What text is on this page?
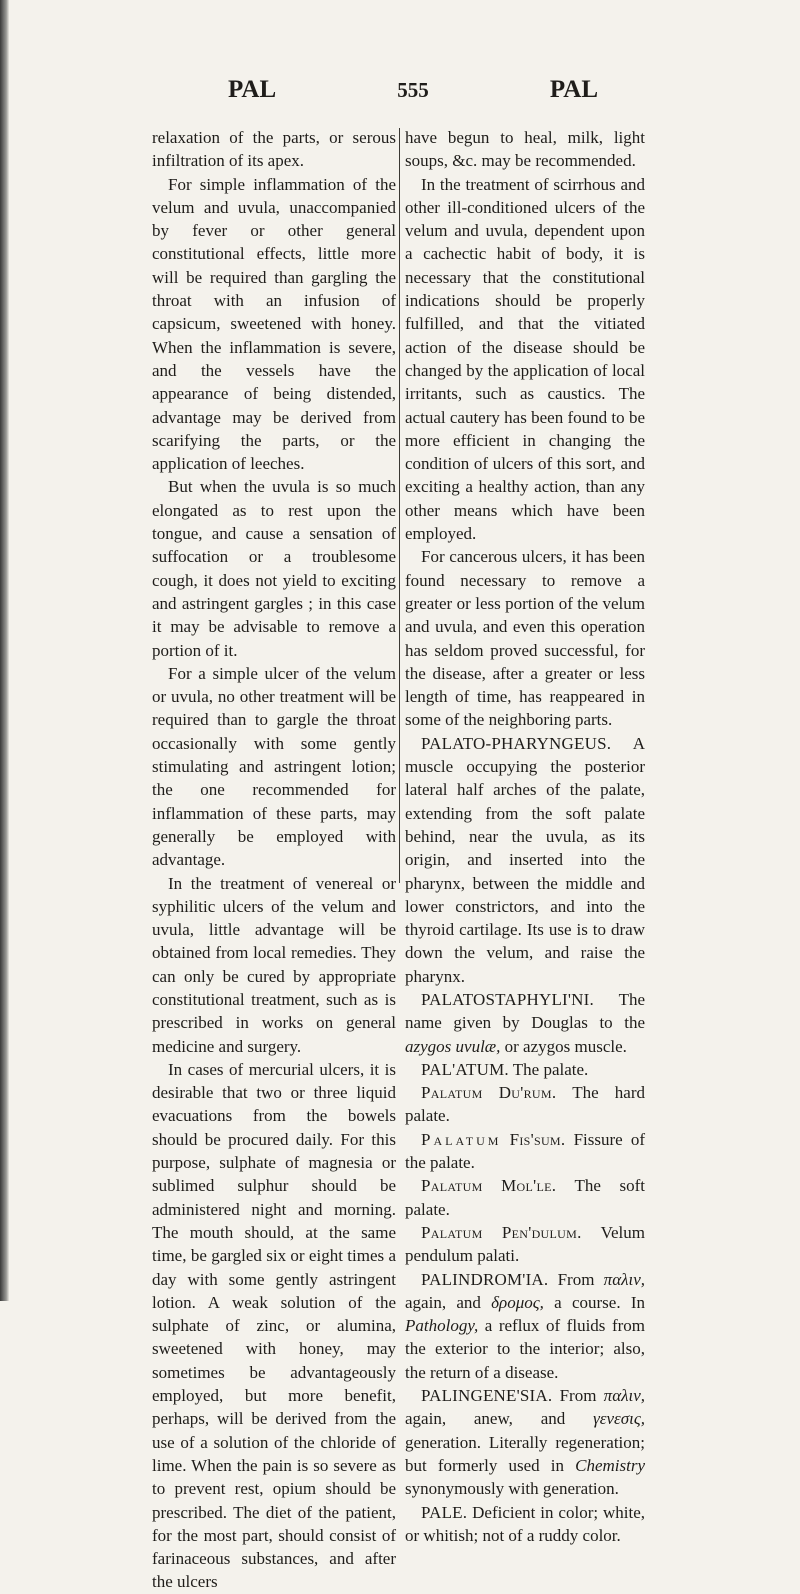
PAL	555	PAL

relaxation of the parts, or serous infiltration of its apex.

For simple inflammation of the velum and uvula, unaccompanied by fever or other general constitutional effects, little more will be required than gargling the throat with an infusion of capsicum, sweetened with honey. When the inflammation is severe, and the vessels have the appearance of being distended, advantage may be derived from scarifying the parts, or the application of leeches.

But when the uvula is so much elongated as to rest upon the tongue, and cause a sensation of suffocation or a troublesome cough, it does not yield to exciting and astringent gargles ; in this case it may be advisable to remove a portion of it.

For a simple ulcer of the velum or uvula, no other treatment will be required than to gargle the throat occasionally with some gently stimulating and astringent lotion; the one recommended for inflammation of these parts, may generally be employed with advantage.

In the treatment of venereal or syphilitic ulcers of the velum and uvula, little advantage will be obtained from local remedies. They can only be cured by appropriate constitutional treatment, such as is prescribed in works on general medicine and surgery.

In cases of mercurial ulcers, it is desirable that two or three liquid evacuations from the bowels should be procured daily. For this purpose, sulphate of magnesia or sublimed sulphur should be administered night and morning. The mouth should, at the same time, be gargled six or eight times a day with some gently astringent lotion. A weak solution of the sulphate of zinc, or alumina, sweetened with honey, may sometimes be advantageously employed, but more benefit, perhaps, will be derived from the use of a solution of the chloride of lime. When the pain is so severe as to prevent rest, opium should be prescribed. The diet of the patient, for the most part, should consist of farinaceous substances, and after the ulcers

have begun to heal, milk, light soups, &c. may be recommended.

In the treatment of scirrhous and other ill-conditioned ulcers of the velum and uvula, dependent upon a cachectic habit of body, it is necessary that the constitutional indications should be properly fulfilled, and that the vitiated action of the disease should be changed by the application of local irritants, such as caustics. The actual cautery has been found to be more efficient in changing the condition of ulcers of this sort, and exciting a healthy action, than any other means which have been employed.

For cancerous ulcers, it has been found necessary to remove a greater or less portion of the velum and uvula, and even this operation has seldom proved successful, for the disease, after a greater or less length of time, has reappeared in some of the neighboring parts.

PALATO-PHARYNGEUS. A muscle occupying the posterior lateral half arches of the palate, extending from the soft palate behind, near the uvula, as its origin, and inserted into the pharynx, between the middle and lower constrictors, and into the thyroid cartilage. Its use is to draw down the velum, and raise the pharynx.

PALATOSTAPHYLI'NI. The name given by Douglas to the azygos uvulæ, or azygos muscle.

PAL'ATUM. The palate.

Palatum Du'rum. The hard palate.

Palatum Fis'sum. Fissure of the palate.

Palatum Mol'le. The soft palate.

Palatum Pen'dulum. Velum pendulum palati.

PALINDROM'IA. From παλιν, again, and δρομος, a course. In Pathology, a reflux of fluids from the exterior to the interior; also, the return of a disease.

PALINGENE'SIA. From παλιν, again, anew, and γενεσις, generation. Literally regeneration; but formerly used in Chemistry synonymously with generation.

PALE. Deficient in color; white, or whitish; not of a ruddy color.
